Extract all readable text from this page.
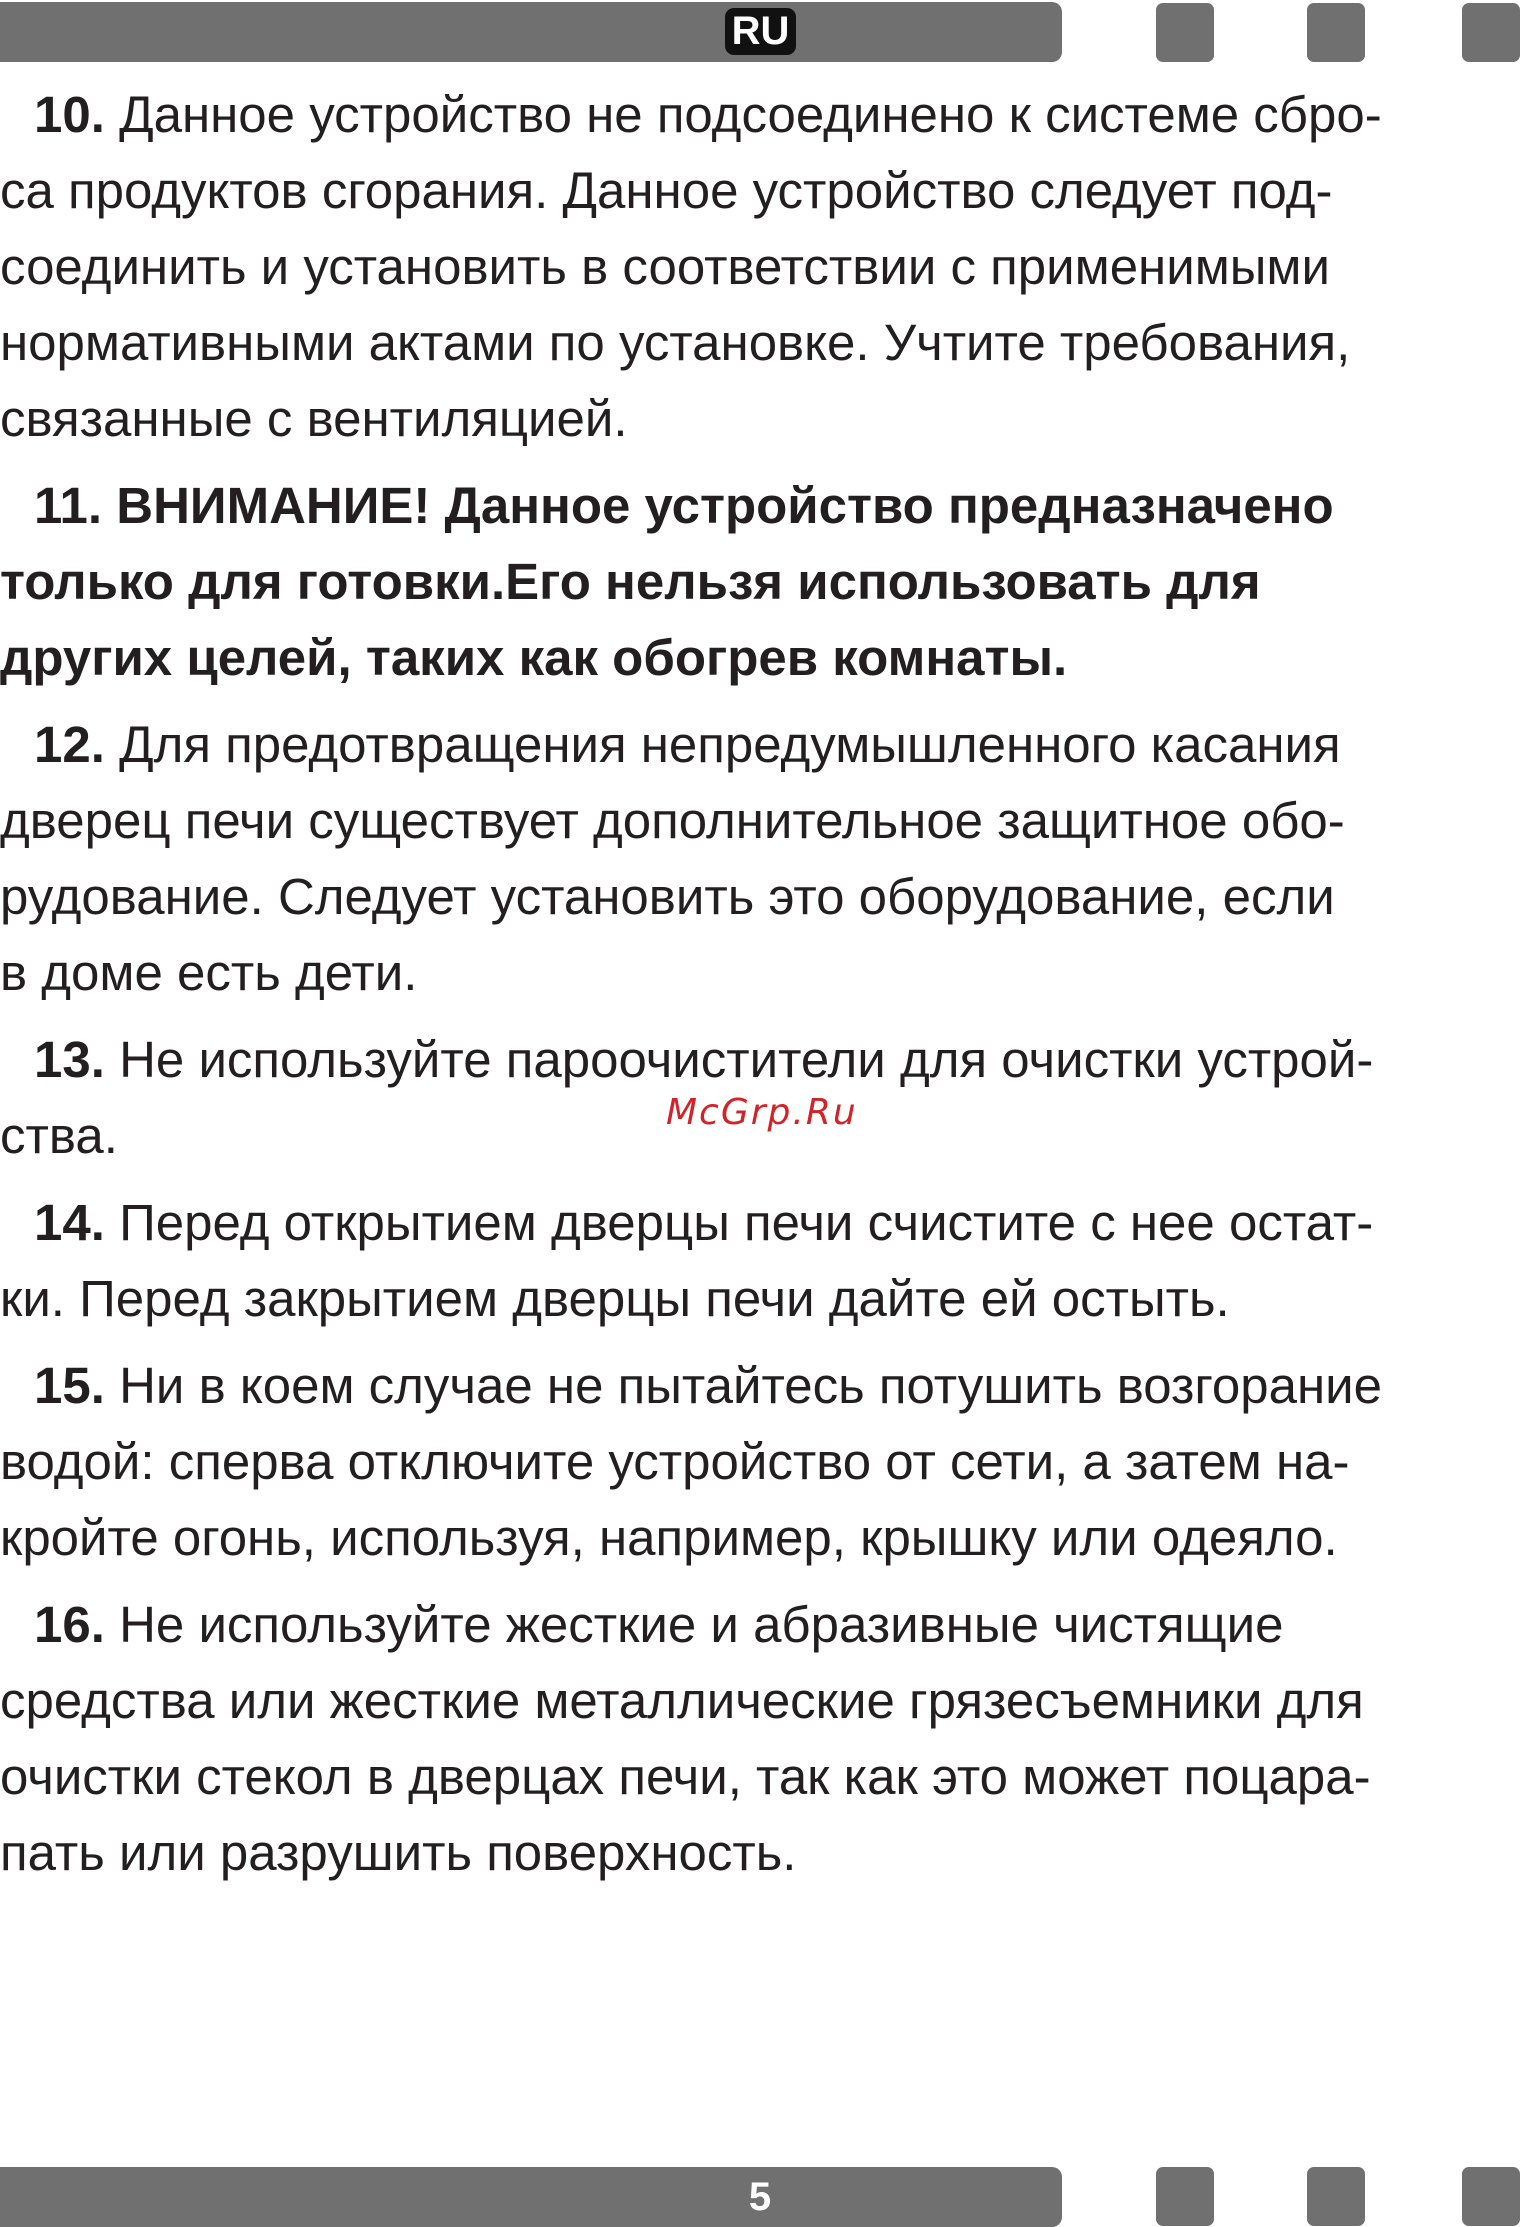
RU
10. Данное устройство не подсоединено к системе сбро-
са продуктов сгорания. Данное устройство следует под-
соединить и установить в соответствии с применимыми
нормативными актами по установке. Учтите требования,
связанные с вентиляцией.
11. ВНИМАНИЕ! Данное устройство предназначено
только для готовки.Его нельзя использовать для
других целей, таких как обогрев комнаты.
12. Для предотвращения непредумышленного касания
дверец печи существует дополнительное защитное обо-
рудование. Следует установить это оборудование, если
в доме есть дети.
13. Не используйте пароочистители для очистки устрой-
ства.
14. Перед открытием дверцы печи счистите с нее остат-
ки. Перед закрытием дверцы печи дайте ей остыть.
15. Ни в коем случае не пытайтесь потушить возгорание
водой: сперва отключите устройство от сети, а затем на-
кройте огонь, используя, например, крышку или одеяло.
16. Не используйте жесткие и абразивные чистящие
средства или жесткие металлические грязесъемники для
очистки стекол в дверцах печи, так как это может поцара-
пать или разрушить поверхность.
McGrp.Ru
5
